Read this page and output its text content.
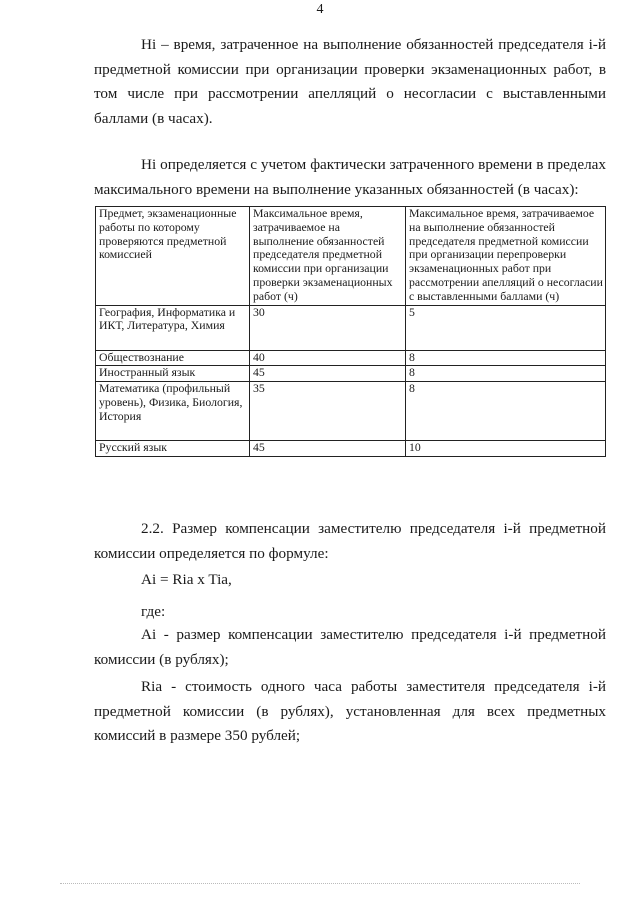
4

Hi – время, затраченное на выполнение обязанностей председателя i-й предметной комиссии при организации проверки экзаменационных работ, в том числе при рассмотрении апелляций о несогласии с выставленными баллами (в часах).

Hi определяется с учетом фактически затраченного времени в пределах максимального времени на выполнение указанных обязанностей (в часах):

Предмет, экзаменационные работы по которому проверяются предметной комиссией	Максимальное время, затрачиваемое на выполнение обязанностей председателя предметной комиссии при организации проверки экзаменационных работ (ч)	Максимальное время, затрачиваемое на выполнение обязанностей председателя предметной комиссии при организации перепроверки экзаменационных работ при рассмотрении апелляций о несогласии с выставленными баллами (ч)
География, Информатика и ИКТ, Литература, Химия	30	5
Обществознание	40	8
Иностранный язык	45	8
Математика (профильный уровень), Физика, Биология, История	35	8
Русский язык	45	10

2.2. Размер компенсации заместителю председателя i-й предметной комиссии определяется по формуле:

Ai = Ria x Tia,

где:

Ai - размер компенсации заместителю председателя i-й предметной комиссии (в рублях);

Ria - стоимость одного часа работы заместителя председателя i-й предметной комиссии (в рублях), установленная для всех предметных комиссий в размере 350 рублей;
